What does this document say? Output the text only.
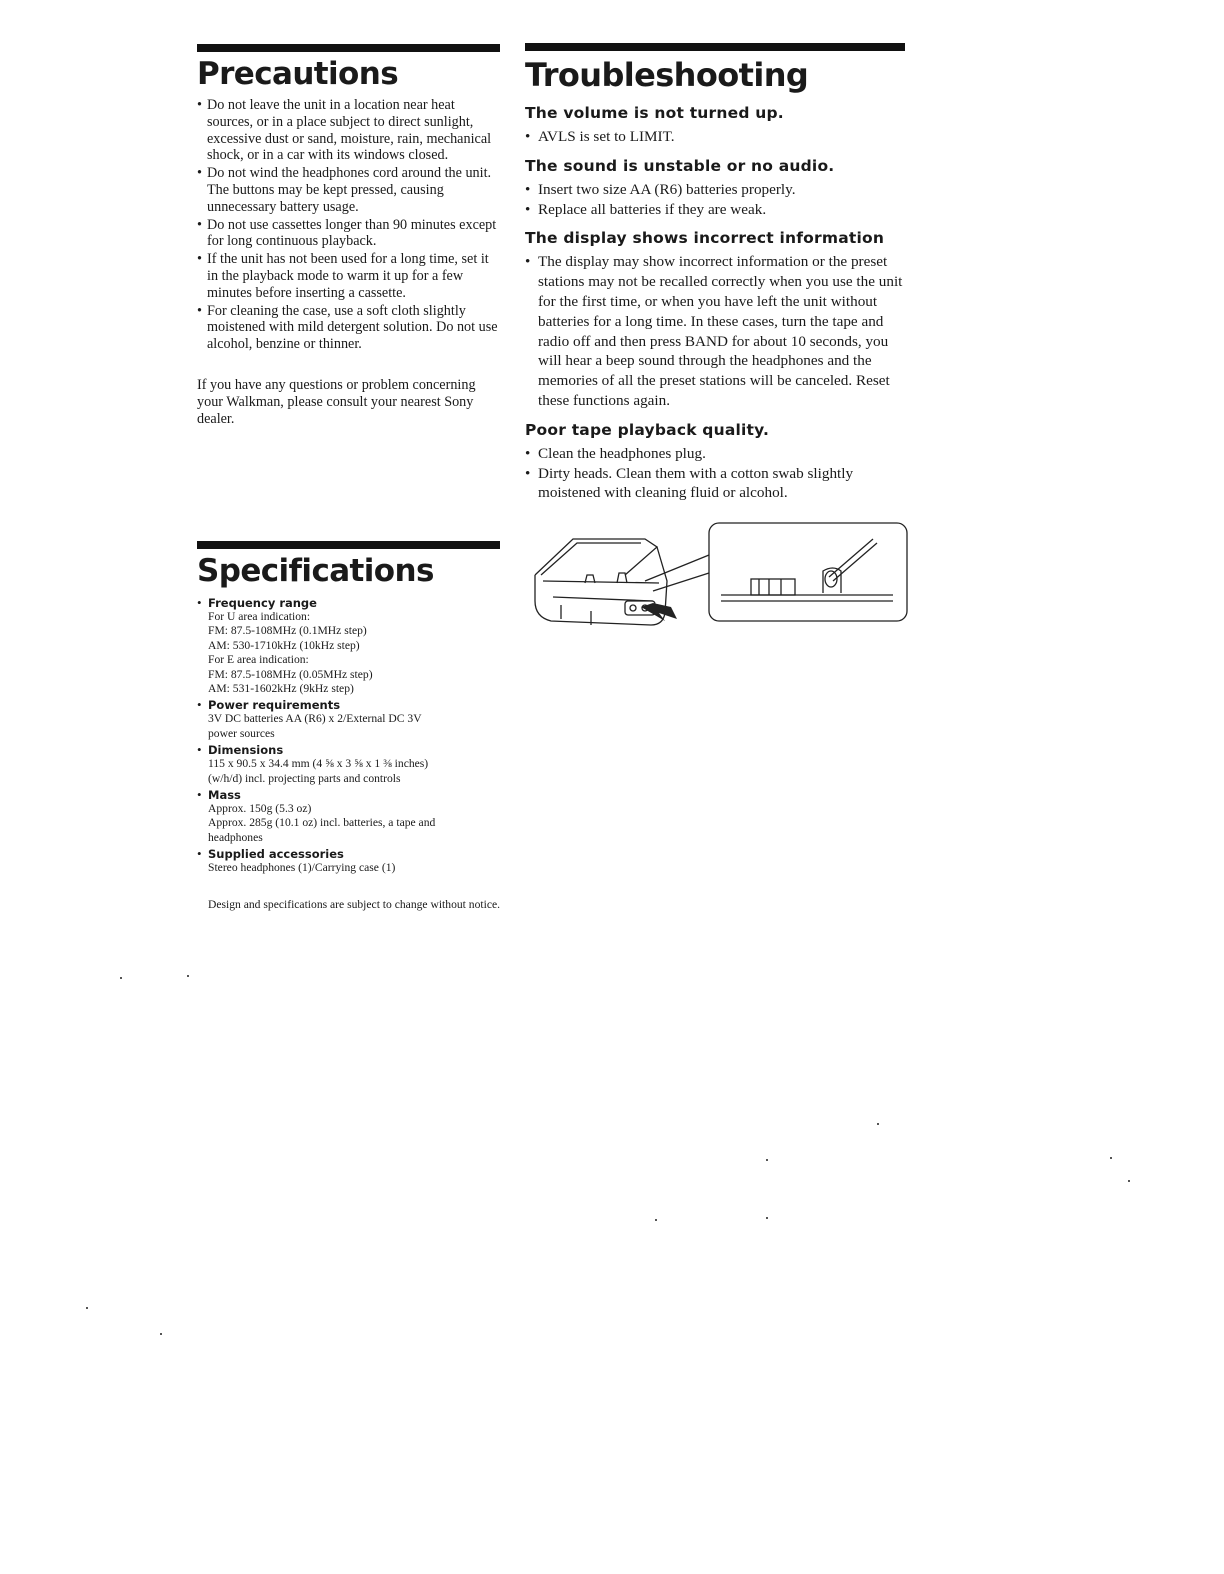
Precautions
• Do not leave the unit in a location near heat sources, or in a place subject to direct sunlight, excessive dust or sand, moisture, rain, mechanical shock, or in a car with its windows closed.
• Do not wind the headphones cord around the unit. The buttons may be kept pressed, causing unnecessary battery usage.
• Do not use cassettes longer than 90 minutes except for long continuous playback.
• If the unit has not been used for a long time, set it in the playback mode to warm it up for a few minutes before inserting a cassette.
• For cleaning the case, use a soft cloth slightly moistened with mild detergent solution. Do not use alcohol, benzine or thinner.
If you have any questions or problem concerning your Walkman, please consult your nearest Sony dealer.
Specifications
• Frequency range
For U area indication:
FM: 87.5-108MHz (0.1MHz step)
AM: 530-1710kHz (10kHz step)
For E area indication:
FM: 87.5-108MHz (0.05MHz step)
AM: 531-1602kHz (9kHz step)
• Power requirements
3V DC batteries AA (R6) x 2/External DC 3V
power sources
• Dimensions
115 x 90.5 x 34.4 mm (4 ⅝ x 3 ⅝ x 1 ⅜ inches)
(w/h/d) incl. projecting parts and controls
• Mass
Approx. 150g (5.3 oz)
Approx. 285g (10.1 oz) incl. batteries, a tape and
headphones
• Supplied accessories
Stereo headphones (1)/Carrying case (1)
Design and specifications are subject to change without notice.
Troubleshooting
The volume is not turned up.
• AVLS is set to LIMIT.
The sound is unstable or no audio.
• Insert two size AA (R6) batteries properly.
• Replace all batteries if they are weak.
The display shows incorrect information
• The display may show incorrect information or the preset stations may not be recalled correctly when you use the unit for the first time, or when you have left the unit without batteries for a long time. In these cases, turn the tape and radio off and then press BAND for about 10 seconds, you will hear a beep sound through the headphones and the memories of all the preset stations will be canceled. Reset these functions again.
Poor tape playback quality.
• Clean the headphones plug.
• Dirty heads. Clean them with a cotton swab slightly moistened with cleaning fluid or alcohol.
